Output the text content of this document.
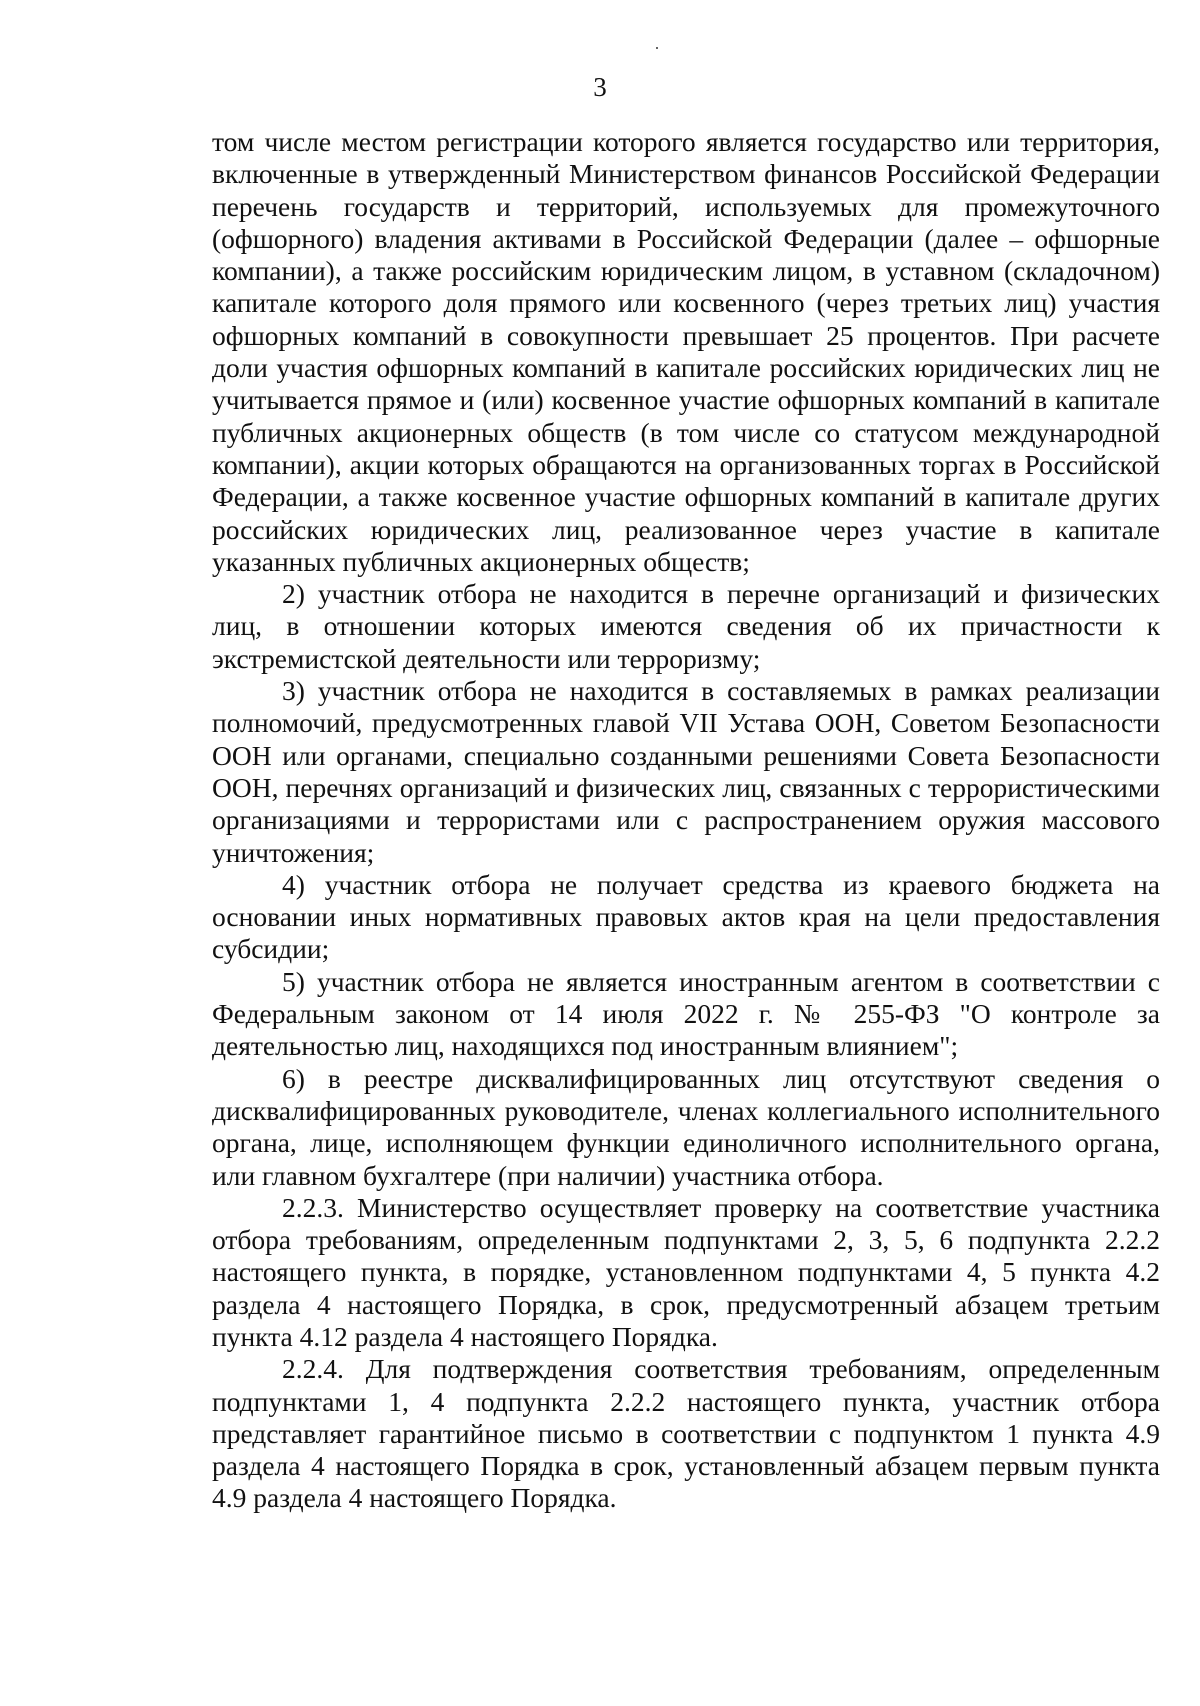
3

том числе местом регистрации которого является государство или территория, включенные в утвержденный Министерством финансов Российской Федерации перечень государств и территорий, используемых для промежуточного (офшорного) владения активами в Российской Федерации (далее – офшорные компании), а также российским юридическим лицом, в уставном (складочном) капитале которого доля прямого или косвенного (через третьих лиц) участия офшорных компаний в совокупности превышает 25 процентов. При расчете доли участия офшорных компаний в капитале российских юридических лиц не учитывается прямое и (или) косвенное участие офшорных компаний в капитале публичных акционерных обществ (в том числе со статусом международной компании), акции которых обращаются на организованных торгах в Российской Федерации, а также косвенное участие офшорных компаний в капитале других российских юридических лиц, реализованное через участие в капитале указанных публичных акционерных обществ;

2) участник отбора не находится в перечне организаций и физических лиц, в отношении которых имеются сведения об их причастности к экстремистской деятельности или терроризму;

3) участник отбора не находится в составляемых в рамках реализации полномочий, предусмотренных главой VII Устава ООН, Советом Безопасности ООН или органами, специально созданными решениями Совета Безопасности ООН, перечнях организаций и физических лиц, связанных с террористическими организациями и террористами или с распространением оружия массового уничтожения;

4) участник отбора не получает средства из краевого бюджета на основании иных нормативных правовых актов края на цели предоставления субсидии;

5) участник отбора не является иностранным агентом в соответствии с Федеральным законом от 14 июля 2022 г. № 255-ФЗ "О контроле за деятельностью лиц, находящихся под иностранным влиянием";

6) в реестре дисквалифицированных лиц отсутствуют сведения о дисквалифицированных руководителе, членах коллегиального исполнительного органа, лице, исполняющем функции единоличного исполнительного органа, или главном бухгалтере (при наличии) участника отбора.

2.2.3. Министерство осуществляет проверку на соответствие участника отбора требованиям, определенным подпунктами 2, 3, 5, 6 подпункта 2.2.2 настоящего пункта, в порядке, установленном подпунктами 4, 5 пункта 4.2 раздела 4 настоящего Порядка, в срок, предусмотренный абзацем третьим пункта 4.12 раздела 4 настоящего Порядка.

2.2.4. Для подтверждения соответствия требованиям, определенным подпунктами 1, 4 подпункта 2.2.2 настоящего пункта, участник отбора представляет гарантийное письмо в соответствии с подпунктом 1 пункта 4.9 раздела 4 настоящего Порядка в срок, установленный абзацем первым пункта 4.9 раздела 4 настоящего Порядка.
